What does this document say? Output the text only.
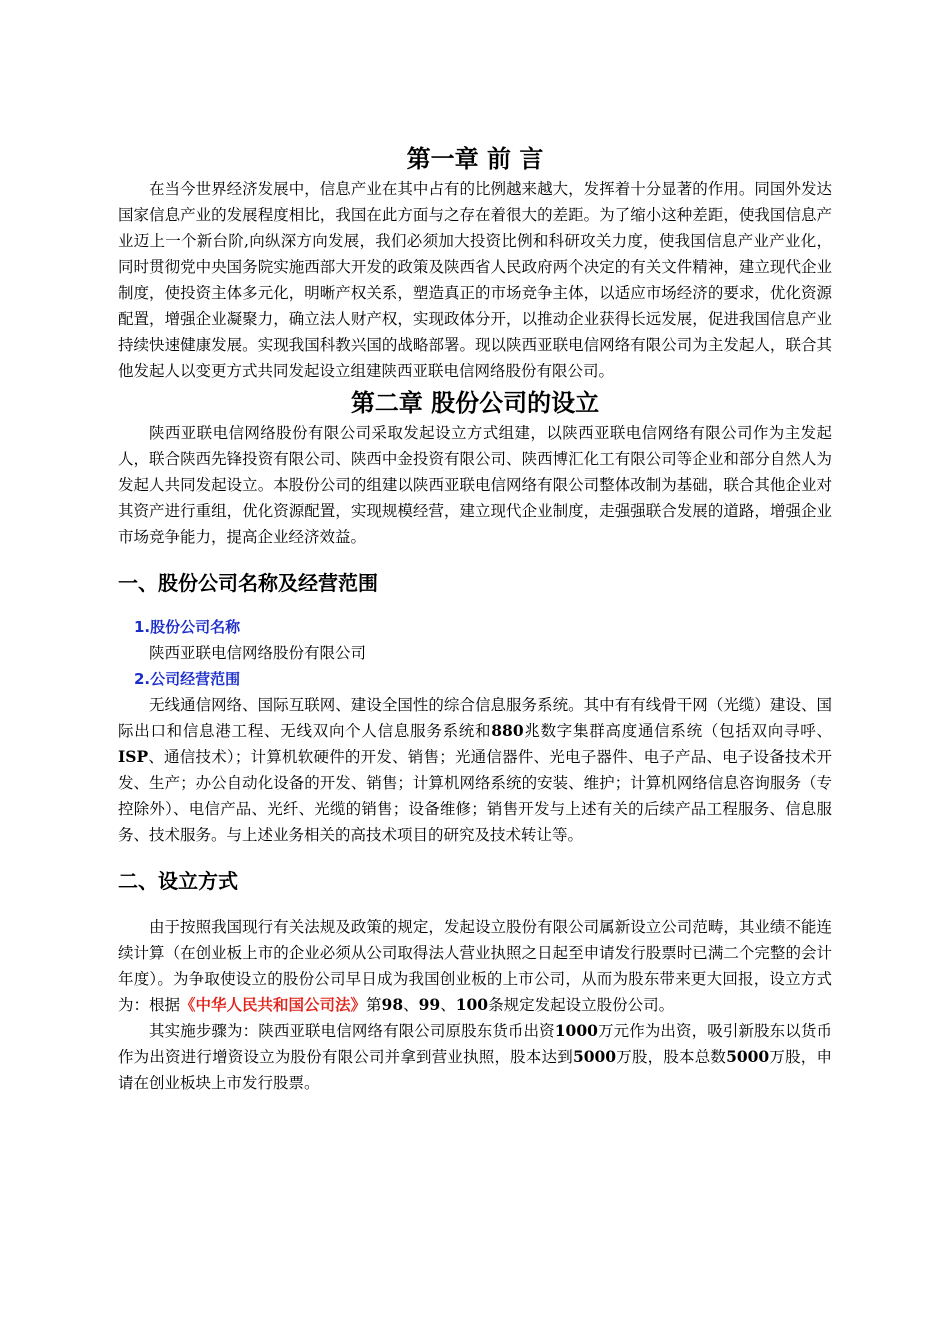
第一章 前 言

在当今世界经济发展中，信息产业在其中占有的比例越来越大，发挥着十分显著的作用。同国外发达国家信息产业的发展程度相比，我国在此方面与之存在着很大的差距。为了缩小这种差距，使我国信息产业迈上一个新台阶,向纵深方向发展，我们必须加大投资比例和科研攻关力度，使我国信息产业产业化，同时贯彻党中央国务院实施西部大开发的政策及陕西省人民政府两个决定的有关文件精神，建立现代企业制度，使投资主体多元化，明晰产权关系，塑造真正的市场竞争主体，以适应市场经济的要求，优化资源配置，增强企业凝聚力，确立法人财产权，实现政体分开，以推动企业获得长远发展，促进我国信息产业持续快速健康发展。实现我国科教兴国的战略部署。现以陕西亚联电信网络有限公司为主发起人，联合其他发起人以变更方式共同发起设立组建陕西亚联电信网络股份有限公司。

第二章 股份公司的设立

陕西亚联电信网络股份有限公司采取发起设立方式组建，以陕西亚联电信网络有限公司作为主发起人，联合陕西先锋投资有限公司、陕西中金投资有限公司、陕西博汇化工有限公司等企业和部分自然人为发起人共同发起设立。本股份公司的组建以陕西亚联电信网络有限公司整体改制为基础，联合其他企业对其资产进行重组，优化资源配置，实现规模经营，建立现代企业制度，走强强联合发展的道路，增强企业市场竞争能力，提高企业经济效益。

一、股份公司名称及经营范围
1.股份公司名称

陕西亚联电信网络股份有限公司

2.公司经营范围

无线通信网络、国际互联网、建设全国性的综合信息服务系统。其中有有线骨干网（光缆）建设、国际出口和信息港工程、无线双向个人信息服务系统和880兆数字集群高度通信系统（包括双向寻呼、ISP、通信技术）；计算机软硬件的开发、销售；光通信器件、光电子器件、电子产品、电子设备技术开发、生产；办公自动化设备的开发、销售；计算机网络系统的安装、维护；计算机网络信息咨询服务（专控除外）、电信产品、光纤、光缆的销售；设备维修；销售开发与上述有关的后续产品工程服务、信息服务、技术服务。与上述业务相关的高技术项目的研究及技术转让等。

二、设立方式

由于按照我国现行有关法规及政策的规定，发起设立股份有限公司属新设立公司范畴，其业绩不能连续计算（在创业板上市的企业必须从公司取得法人营业执照之日起至申请发行股票时已满二个完整的会计年度）。为争取使设立的股份公司早日成为我国创业板的上市公司，从而为股东带来更大回报，设立方式为：根据《中华人民共和国公司法》第98、99、100条规定发起设立股份公司。

其实施步骤为：陕西亚联电信网络有限公司原股东货币出资1000万元作为出资，吸引新股东以货币作为出资进行增资设立为股份有限公司并拿到营业执照，股本达到5000万股，股本总数5000万股，申请在创业板块上市发行股票。
